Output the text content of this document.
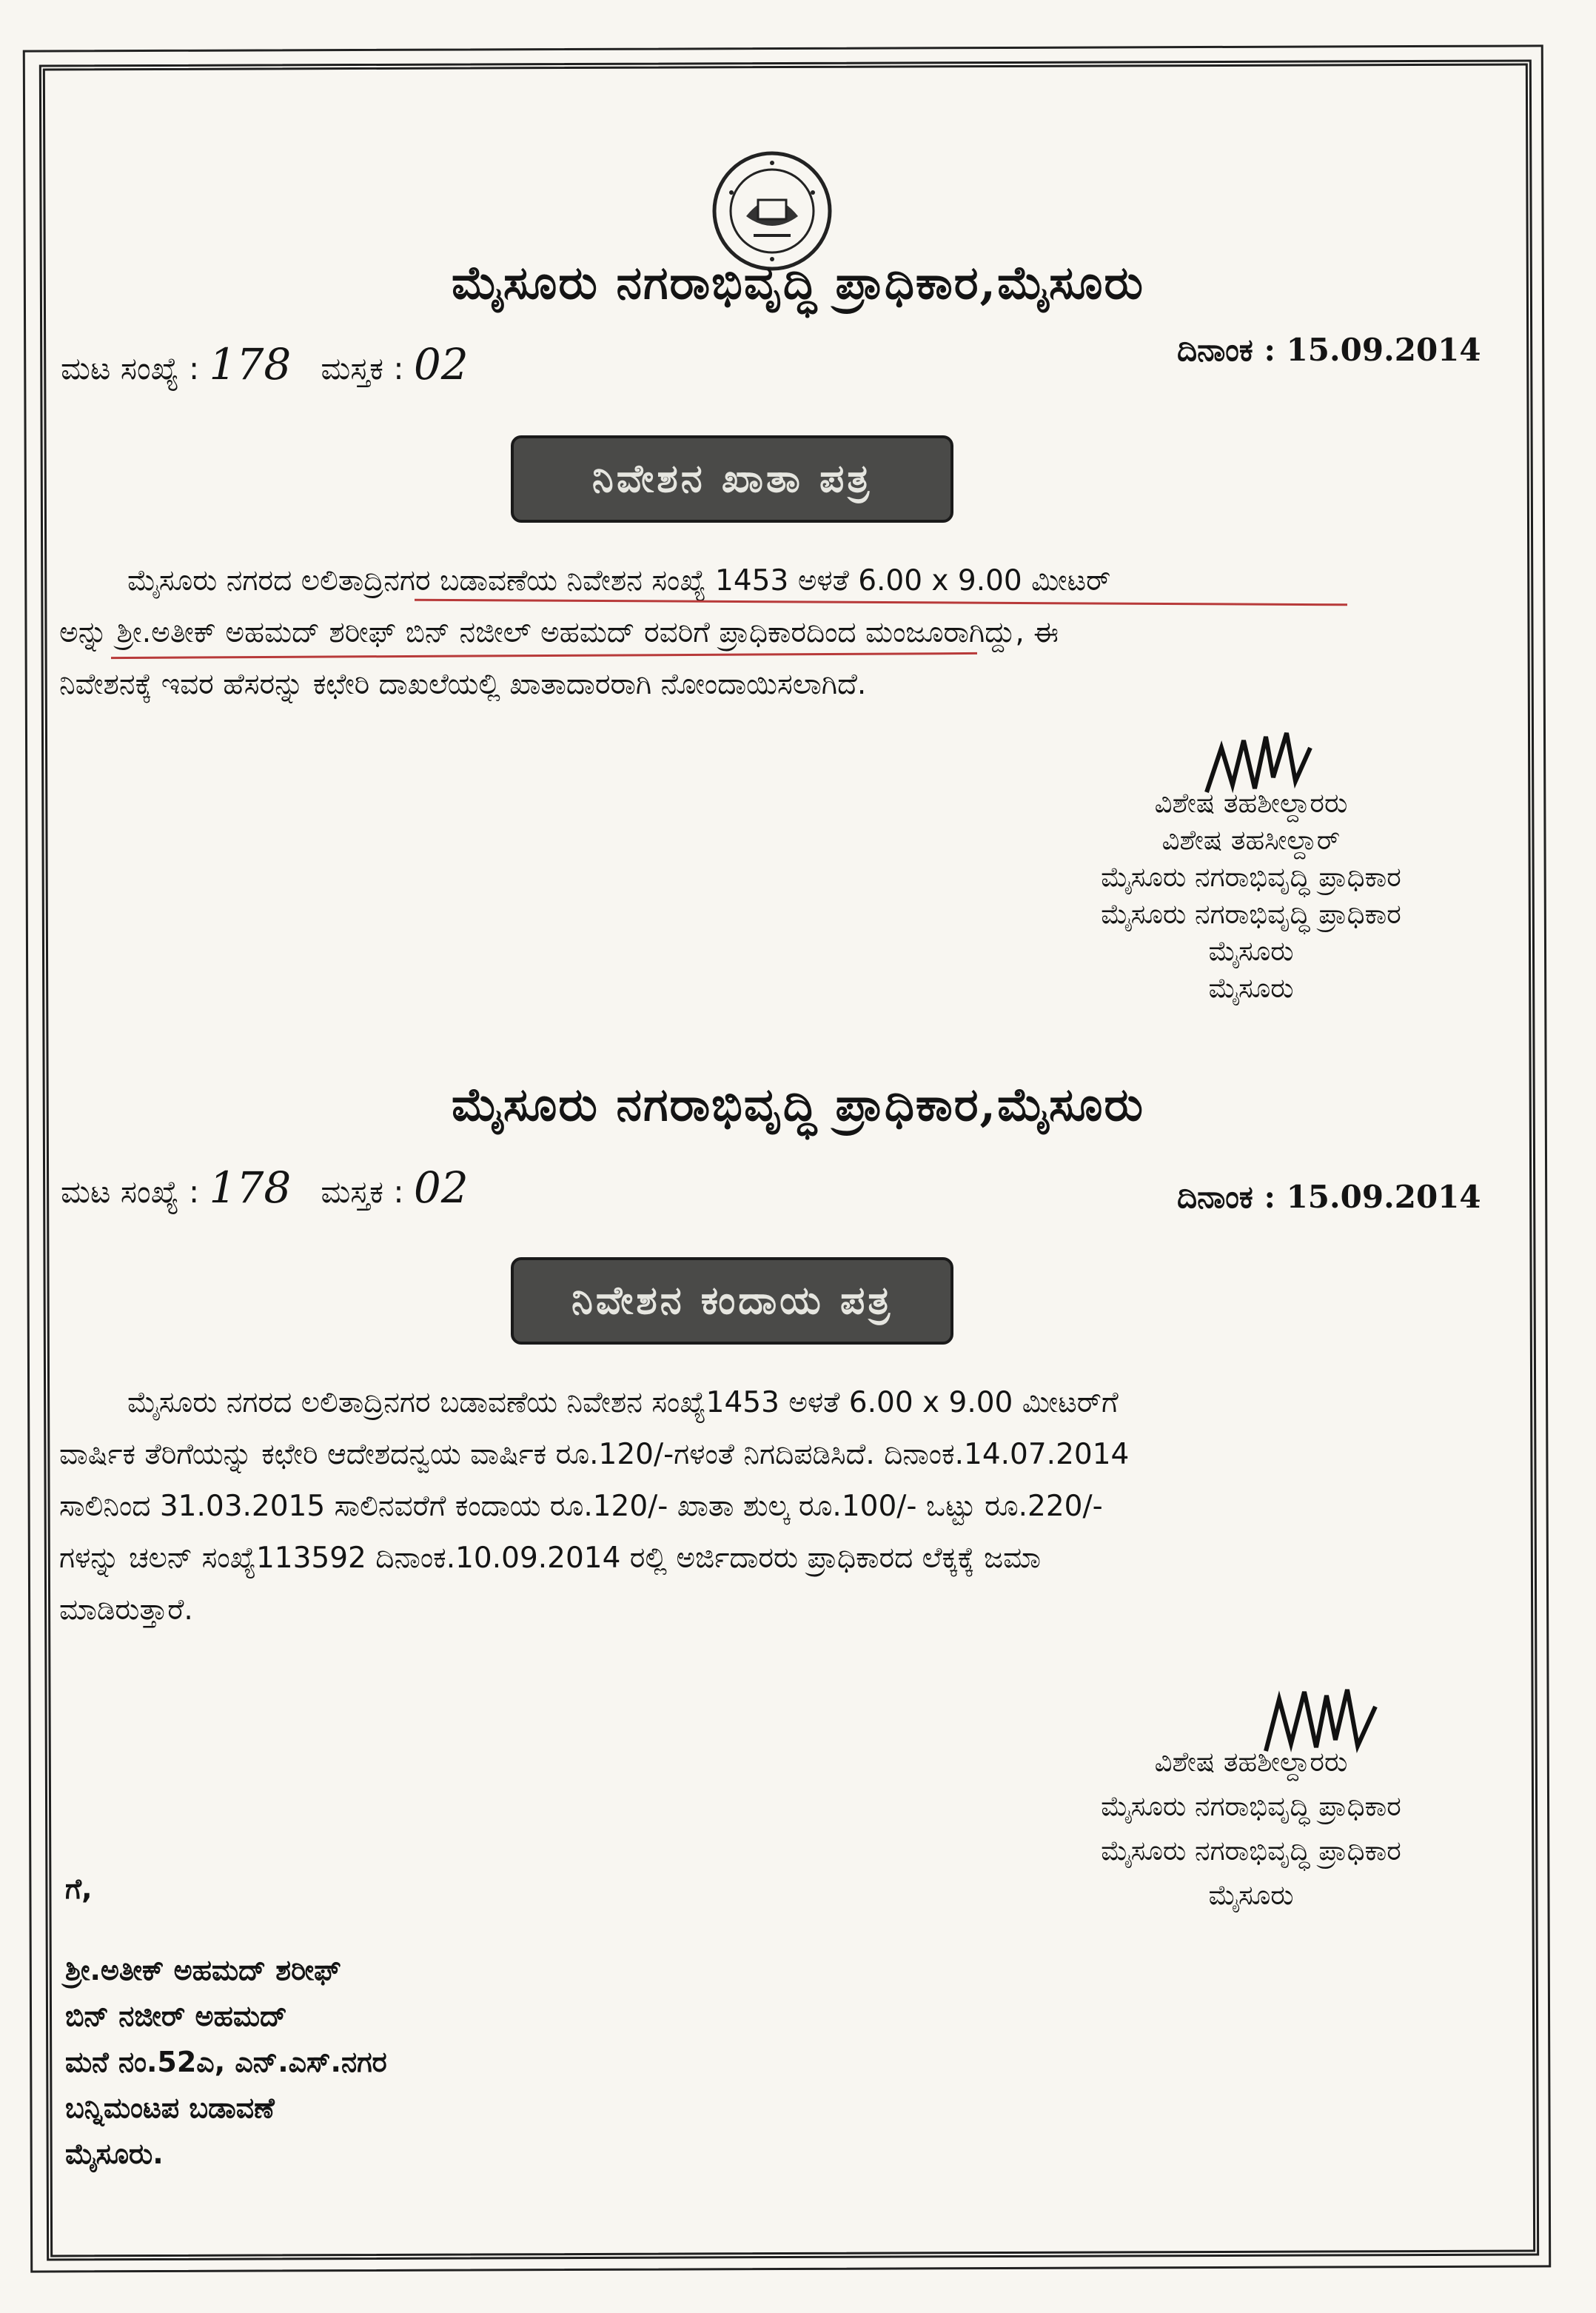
ಮೈಸೂರು ನಗರಾಭಿವೃದ್ಧಿ ಪ್ರಾಧಿಕಾರ,ಮೈಸೂರು
ಮಟ ಸಂಖ್ಯೆ : 178 ಮಸ್ತಕ : 02	ದಿನಾಂಕ : 15.09.2014
ನಿವೇಶನ ಖಾತಾ ಪತ್ರ
ಮೈಸೂರು ನಗರದ ಲಲಿತಾದ್ರಿನಗರ ಬಡಾವಣೆಯ ನಿವೇಶನ ಸಂಖ್ಯೆ 1453 ಅಳತೆ 6.00 x 9.00 ಮೀಟರ್
ಅನ್ನು ಶ್ರೀ.ಅತೀಕ್ ಅಹಮದ್ ಶರೀಫ್ ಬಿನ್ ನಜೀಲ್ ಅಹಮದ್ ರವರಿಗೆ ಪ್ರಾಧಿಕಾರದಿಂದ ಮಂಜೂರಾಗಿದ್ದು, ಈ
ನಿವೇಶನಕ್ಕೆ ಇವರ ಹೆಸರನ್ನು ಕಛೇರಿ ದಾಖಲೆಯಲ್ಲಿ ಖಾತಾದಾರರಾಗಿ ನೋಂದಾಯಿಸಲಾಗಿದೆ.
ವಿಶೇಷ ತಹಶೀಲ್ದಾರರು
ವಿಶೇಷ ತಹಸೀಲ್ದಾರ್
ಮೈಸೂರು ನಗರಾಭಿವೃದ್ಧಿ ಪ್ರಾಧಿಕಾರ
ಮೈಸೂರು ನಗರಾಭಿವೃದ್ಧಿ ಪ್ರಾಧಿಕಾರ
ಮೈಸೂರು
ಮೈಸೂರು
ಮೈಸೂರು ನಗರಾಭಿವೃದ್ಧಿ ಪ್ರಾಧಿಕಾರ,ಮೈಸೂರು
ಮಟ ಸಂಖ್ಯೆ : 178 ಮಸ್ತಕ : 02	ದಿನಾಂಕ : 15.09.2014
ನಿವೇಶನ ಕಂದಾಯ ಪತ್ರ
ಮೈಸೂರು ನಗರದ ಲಲಿತಾದ್ರಿನಗರ ಬಡಾವಣೆಯ ನಿವೇಶನ ಸಂಖ್ಯೆ1453 ಅಳತೆ 6.00 x 9.00 ಮೀಟರ್‌ಗೆ
ವಾರ್ಷಿಕ ತೆರಿಗೆಯನ್ನು ಕಛೇರಿ ಆದೇಶದನ್ವಯ ವಾರ್ಷಿಕ ರೂ.120/-ಗಳಂತೆ ನಿಗದಿಪಡಿಸಿದೆ. ದಿನಾಂಕ.14.07.2014
ಸಾಲಿನಿಂದ 31.03.2015 ಸಾಲಿನವರೆಗೆ ಕಂದಾಯ ರೂ.120/- ಖಾತಾ ಶುಲ್ಕ ರೂ.100/- ಒಟ್ಟು ರೂ.220/-
ಗಳನ್ನು ಚಲನ್ ಸಂಖ್ಯೆ113592 ದಿನಾಂಕ.10.09.2014 ರಲ್ಲಿ ಅರ್ಜಿದಾರರು ಪ್ರಾಧಿಕಾರದ ಲೆಕ್ಕಕ್ಕೆ ಜಮಾ
ಮಾಡಿರುತ್ತಾರೆ.
ವಿಶೇಷ ತಹಶೀಲ್ದಾರರು
ಮೈಸೂರು ನಗರಾಭಿವೃದ್ಧಿ ಪ್ರಾಧಿಕಾರ
ಮೈಸೂರು ನಗರಾಭಿವೃದ್ಧಿ ಪ್ರಾಧಿಕಾರ
ಮೈಸೂರು
ಗೆ,
ಶ್ರೀ.ಅತೀಕ್ ಅಹಮದ್ ಶರೀಫ್
ಬಿನ್ ನಜೀರ್ ಅಹಮದ್
ಮನೆ ನಂ.52ಎ, ಎನ್.ಎಸ್.ನಗರ
ಬನ್ನಿಮಂಟಪ ಬಡಾವಣೆ
ಮೈಸೂರು.
